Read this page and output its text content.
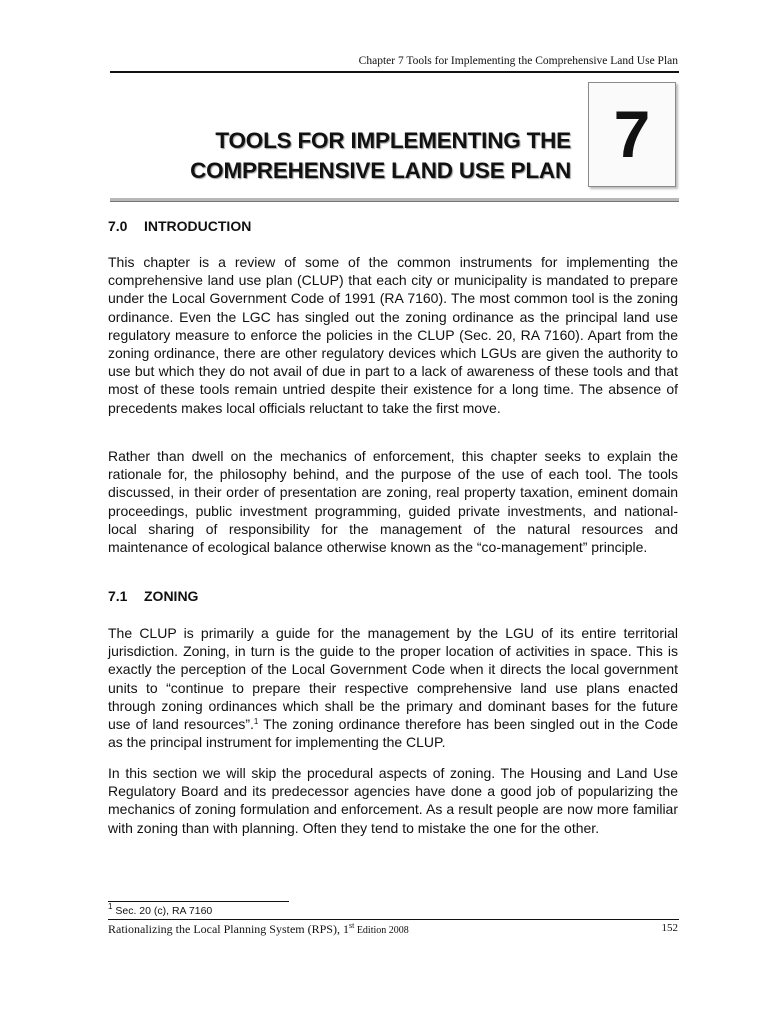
Chapter 7 Tools for Implementing the Comprehensive Land Use Plan
TOOLS FOR IMPLEMENTING THE
COMPREHENSIVE LAND USE PLAN 7
7.0 INTRODUCTION

This chapter is a review of some of the common instruments for implementing the comprehensive land use plan (CLUP) that each city or municipality is mandated to prepare under the Local Government Code of 1991 (RA 7160). The most common tool is the zoning ordinance. Even the LGC has singled out the zoning ordinance as the principal land use regulatory measure to enforce the policies in the CLUP (Sec. 20, RA 7160). Apart from the zoning ordinance, there are other regulatory devices which LGUs are given the authority to use but which they do not avail of due in part to a lack of awareness of these tools and that most of these tools remain untried despite their existence for a long time. The absence of precedents makes local officials reluctant to take the first move.

Rather than dwell on the mechanics of enforcement, this chapter seeks to explain the rationale for, the philosophy behind, and the purpose of the use of each tool. The tools discussed, in their order of presentation are zoning, real property taxation, eminent domain proceedings, public investment programming, guided private investments, and national-local sharing of responsibility for the management of the natural resources and maintenance of ecological balance otherwise known as the “co-management” principle.

7.1 ZONING

The CLUP is primarily a guide for the management by the LGU of its entire territorial jurisdiction. Zoning, in turn is the guide to the proper location of activities in space. This is exactly the perception of the Local Government Code when it directs the local government units to “continue to prepare their respective comprehensive land use plans enacted through zoning ordinances which shall be the primary and dominant bases for the future use of land resources”.$^1$ The zoning ordinance therefore has been singled out in the Code as the principal instrument for implementing the CLUP.

In this section we will skip the procedural aspects of zoning. The Housing and Land Use Regulatory Board and its predecessor agencies have done a good job of popularizing the mechanics of zoning formulation and enforcement. As a result people are now more familiar with zoning than with planning. Often they tend to mistake the one for the other.

$^1$ Sec. 20 (c), RA 7160
Rationalizing the Local Planning System (RPS), 1st Edition 2008	152
